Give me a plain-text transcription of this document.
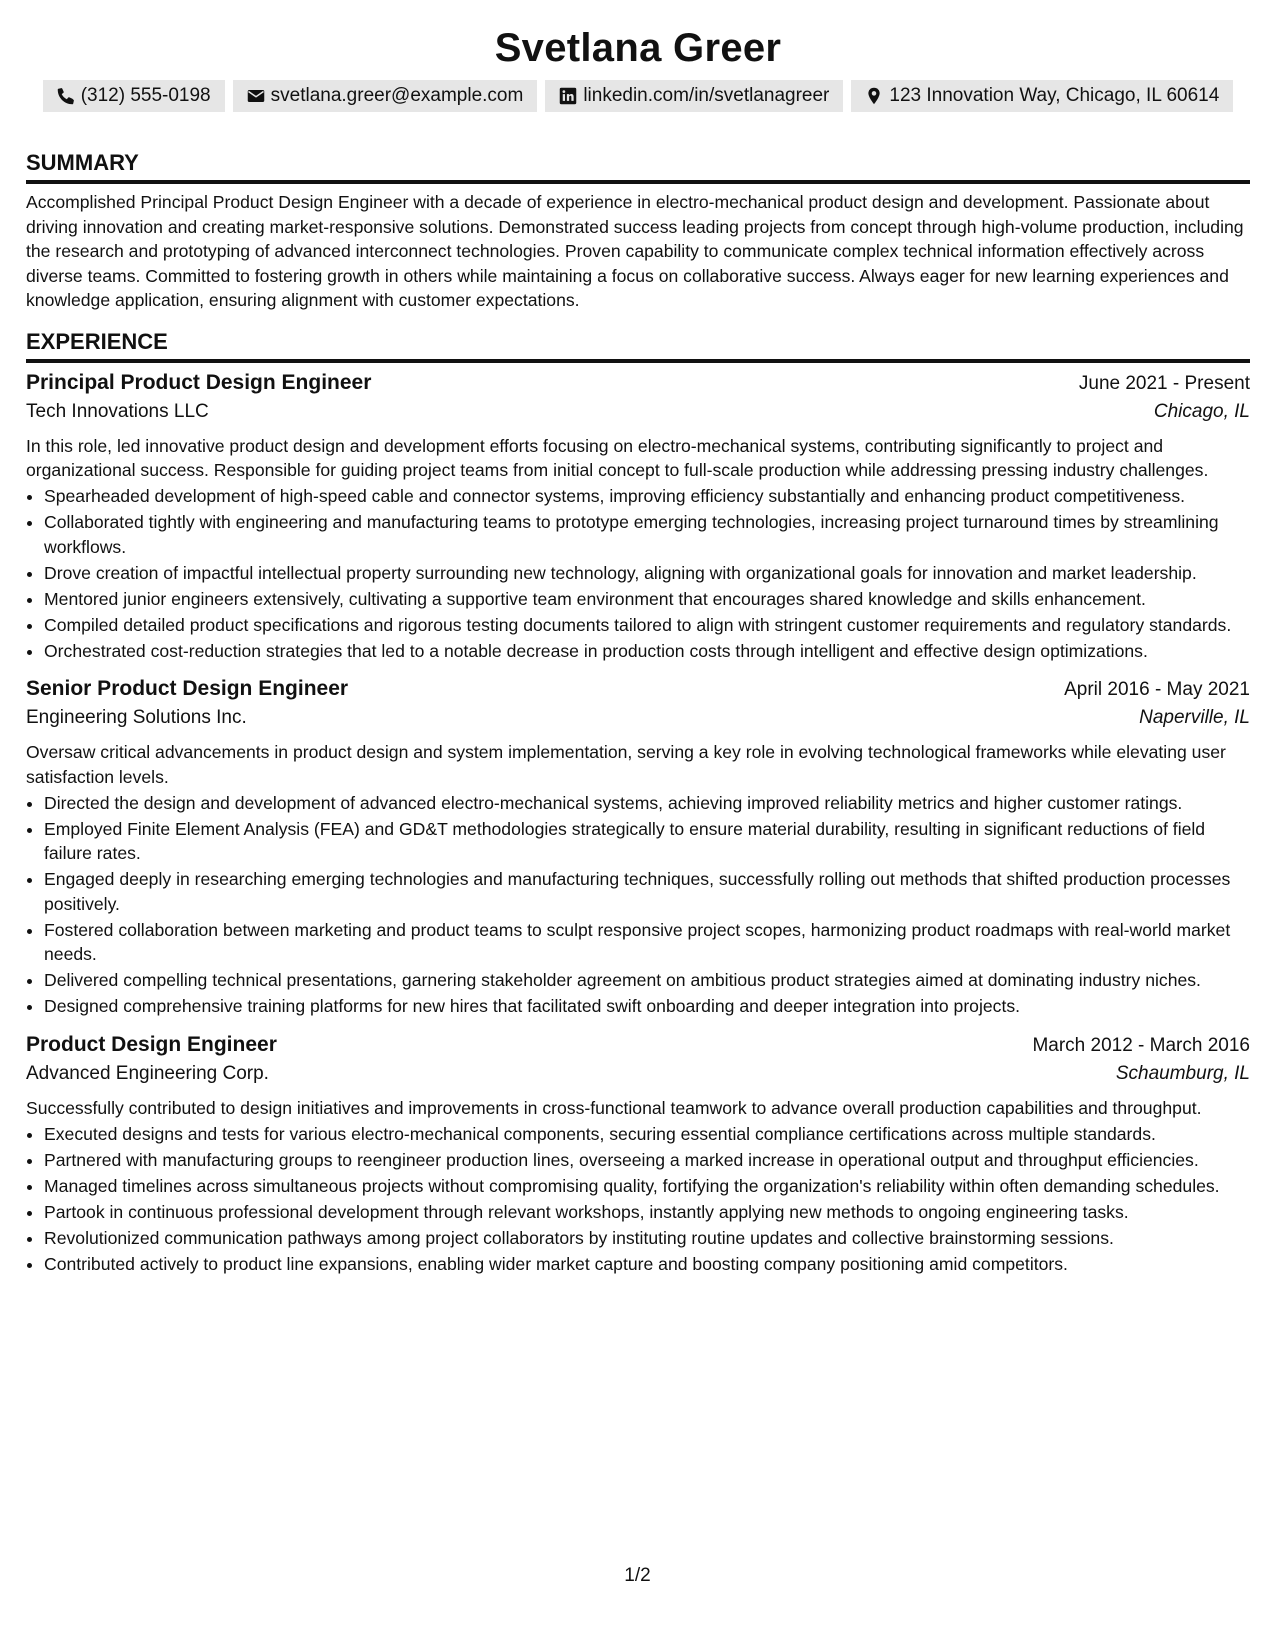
Svetlana Greer
(312) 555-0198	svetlana.greer@example.com	linkedin.com/in/svetlanagreer	123 Innovation Way, Chicago, IL 60614
SUMMARY
Accomplished Principal Product Design Engineer with a decade of experience in electro-mechanical product design and development. Passionate about driving innovation and creating market-responsive solutions. Demonstrated success leading projects from concept through high-volume production, including the research and prototyping of advanced interconnect technologies. Proven capability to communicate complex technical information effectively across diverse teams. Committed to fostering growth in others while maintaining a focus on collaborative success. Always eager for new learning experiences and knowledge application, ensuring alignment with customer expectations.
EXPERIENCE
Principal Product Design Engineer	June 2021 - Present
Tech Innovations LLC	Chicago, IL
In this role, led innovative product design and development efforts focusing on electro-mechanical systems, contributing significantly to project and organizational success. Responsible for guiding project teams from initial concept to full-scale production while addressing pressing industry challenges.
• Spearheaded development of high-speed cable and connector systems, improving efficiency substantially and enhancing product competitiveness.
• Collaborated tightly with engineering and manufacturing teams to prototype emerging technologies, increasing project turnaround times by streamlining workflows.
• Drove creation of impactful intellectual property surrounding new technology, aligning with organizational goals for innovation and market leadership.
• Mentored junior engineers extensively, cultivating a supportive team environment that encourages shared knowledge and skills enhancement.
• Compiled detailed product specifications and rigorous testing documents tailored to align with stringent customer requirements and regulatory standards.
• Orchestrated cost-reduction strategies that led to a notable decrease in production costs through intelligent and effective design optimizations.
Senior Product Design Engineer	April 2016 - May 2021
Engineering Solutions Inc.	Naperville, IL
Oversaw critical advancements in product design and system implementation, serving a key role in evolving technological frameworks while elevating user satisfaction levels.
• Directed the design and development of advanced electro-mechanical systems, achieving improved reliability metrics and higher customer ratings.
• Employed Finite Element Analysis (FEA) and GD&T methodologies strategically to ensure material durability, resulting in significant reductions of field failure rates.
• Engaged deeply in researching emerging technologies and manufacturing techniques, successfully rolling out methods that shifted production processes positively.
• Fostered collaboration between marketing and product teams to sculpt responsive project scopes, harmonizing product roadmaps with real-world market needs.
• Delivered compelling technical presentations, garnering stakeholder agreement on ambitious product strategies aimed at dominating industry niches.
• Designed comprehensive training platforms for new hires that facilitated swift onboarding and deeper integration into projects.
Product Design Engineer	March 2012 - March 2016
Advanced Engineering Corp.	Schaumburg, IL
Successfully contributed to design initiatives and improvements in cross-functional teamwork to advance overall production capabilities and throughput.
• Executed designs and tests for various electro-mechanical components, securing essential compliance certifications across multiple standards.
• Partnered with manufacturing groups to reengineer production lines, overseeing a marked increase in operational output and throughput efficiencies.
• Managed timelines across simultaneous projects without compromising quality, fortifying the organization's reliability within often demanding schedules.
• Partook in continuous professional development through relevant workshops, instantly applying new methods to ongoing engineering tasks.
• Revolutionized communication pathways among project collaborators by instituting routine updates and collective brainstorming sessions.
• Contributed actively to product line expansions, enabling wider market capture and boosting company positioning amid competitors.
1/2
